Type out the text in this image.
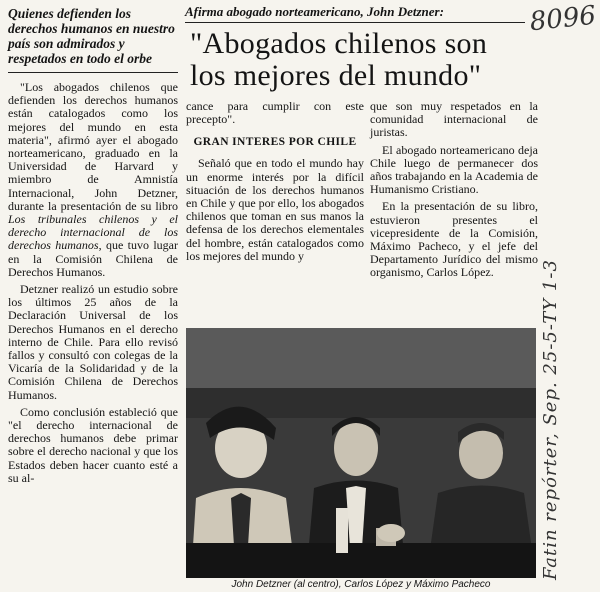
Quienes defienden los derechos humanos en nuestro país son admirados y respetados en todo el orbe

"Los abogados chilenos que defienden los derechos humanos están catalogados como los mejores del mundo en esta materia", afirmó ayer el abogado norteamericano, graduado en la Universidad de Harvard y miembro de Amnistía Internacional, John Detzner, durante la presentación de su libro Los tribunales chilenos y el derecho internacional de los derechos humanos, que tuvo lugar en la Comisión Chilena de Derechos Humanos.

Detzner realizó un estudio sobre los últimos 25 años de la Declaración Universal de los Derechos Humanos en el derecho interno de Chile. Para ello revisó fallos y consultó con colegas de la Vicaría de la Solidaridad y de la Comisión Chilena de Derechos Humanos.

Como conclusión estableció que "el derecho internacional de derechos humanos debe primar sobre el derecho nacional y que los Estados deben hacer cuanto esté a su al-

Afirma abogado norteamericano, John Detzner:
"Abogados chilenos son los mejores del mundo"

cance para cumplir con este precepto".

GRAN INTERES POR CHILE

Señaló que en todo el mundo hay un enorme interés por la difícil situación de los derechos humanos en Chile y que por ello, los abogados chilenos que toman en sus manos la defensa de los derechos elementales del hombre, están catalogados como los mejores del mundo y

que son muy respetados en la comunidad internacional de juristas.

El abogado norteamericano deja Chile luego de permanecer dos años trabajando en la Academia de Humanismo Cristiano.

En la presentación de su libro, estuvieron presentes el vicepresidente de la Comisión, Máximo Pacheco, y el jefe del Departamento Jurídico del mismo organismo, Carlos López.

John Detzner (al centro), Carlos López y Máximo Pacheco
8096
Fatin repórter, Sep. 25-5-TY 1-3
